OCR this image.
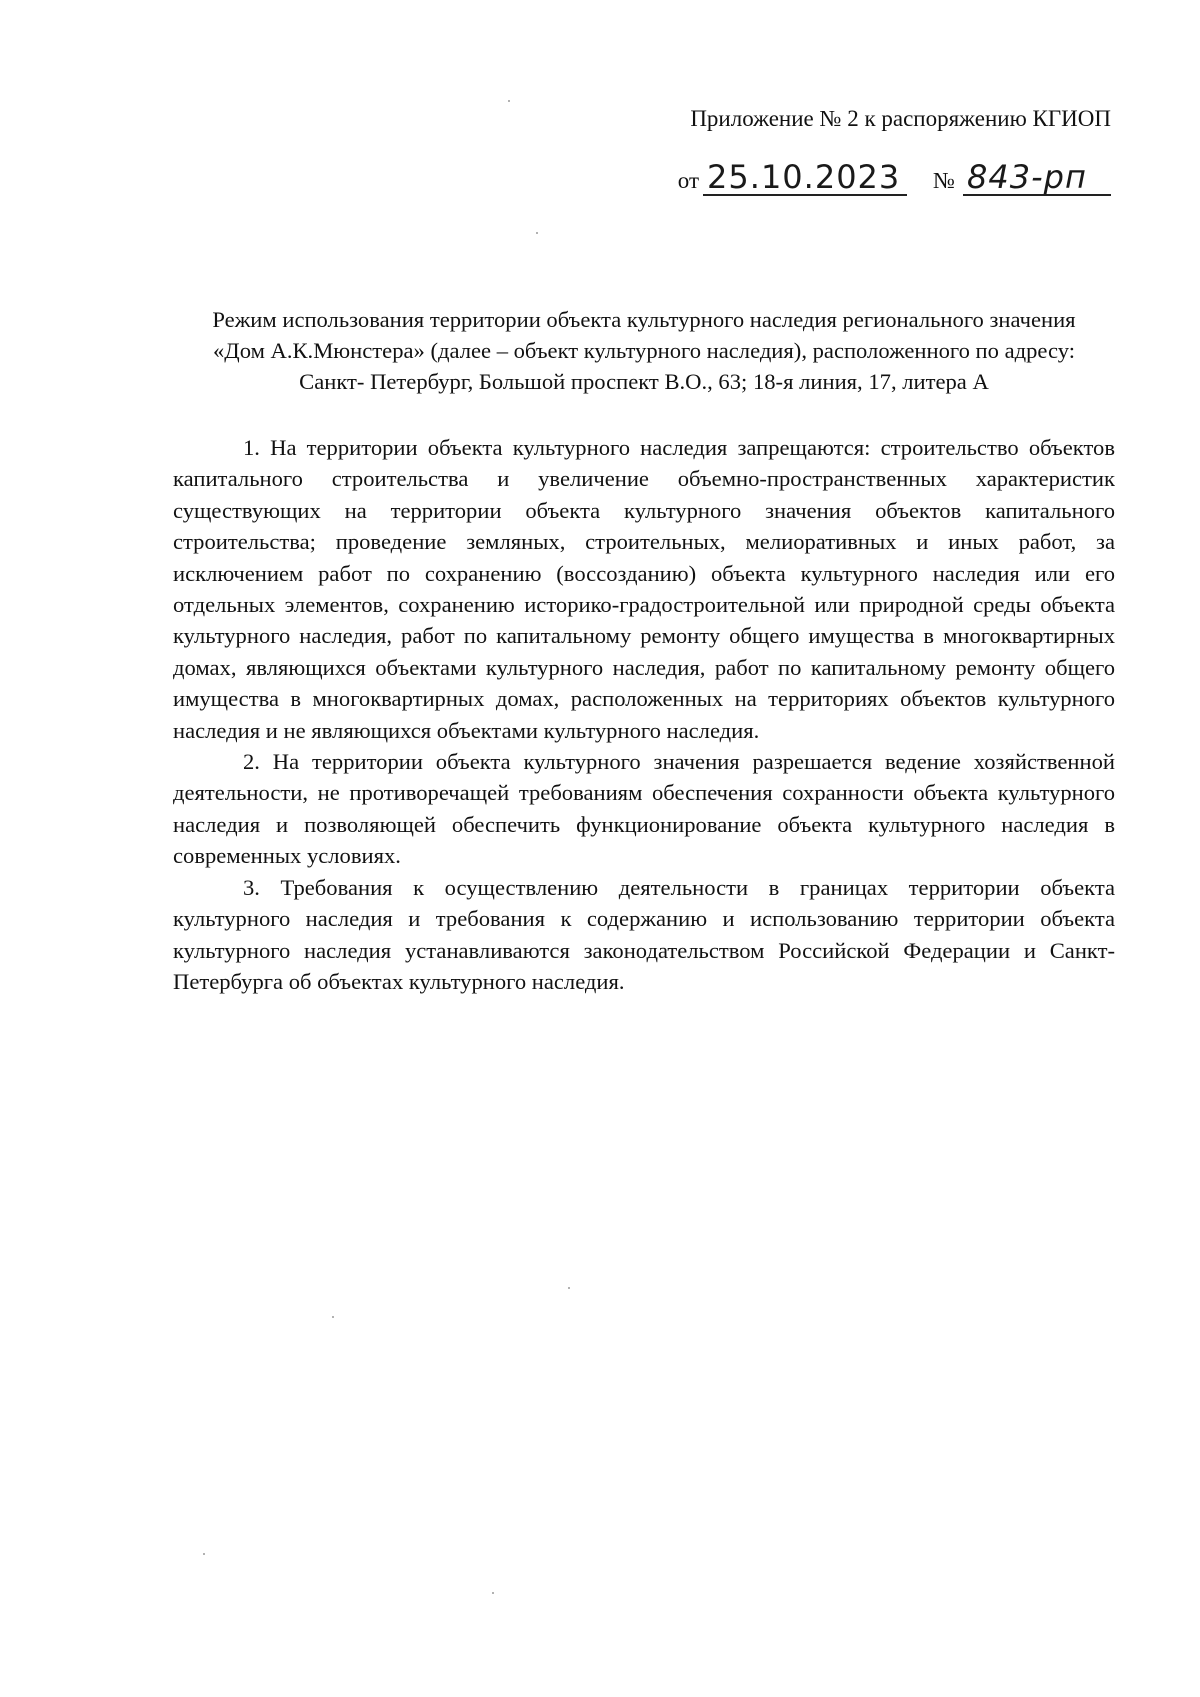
Приложение № 2 к распоряжению КГИОП
от 25.10.2023 № 843-рп
Режим использования территории объекта культурного наследия регионального значения
«Дом А.К.Мюнстера» (далее – объект культурного наследия), расположенного по адресу:
Санкт- Петербург, Большой проспект В.О., 63; 18-я линия, 17, литера А

1. На территории объекта культурного наследия запрещаются: строительство объектов капитального строительства и увеличение объемно-пространственных характеристик существующих на территории объекта культурного значения объектов капитального строительства; проведение земляных, строительных, мелиоративных и иных работ, за исключением работ по сохранению (воссозданию) объекта культурного наследия или его отдельных элементов, сохранению историко-градостроительной или природной среды объекта культурного наследия, работ по капитальному ремонту общего имущества в многоквартирных домах, являющихся объектами культурного наследия, работ по капитальному ремонту общего имущества в многоквартирных домах, расположенных на территориях объектов культурного наследия и не являющихся объектами культурного наследия.

2. На территории объекта культурного значения разрешается ведение хозяйственной деятельности, не противоречащей требованиям обеспечения сохранности объекта культурного наследия и позволяющей обеспечить функционирование объекта культурного наследия в современных условиях.

3. Требования к осуществлению деятельности в границах территории объекта культурного наследия и требования к содержанию и использованию территории объекта культурного наследия устанавливаются законодательством Российской Федерации и Санкт-Петербурга об объектах культурного наследия.
